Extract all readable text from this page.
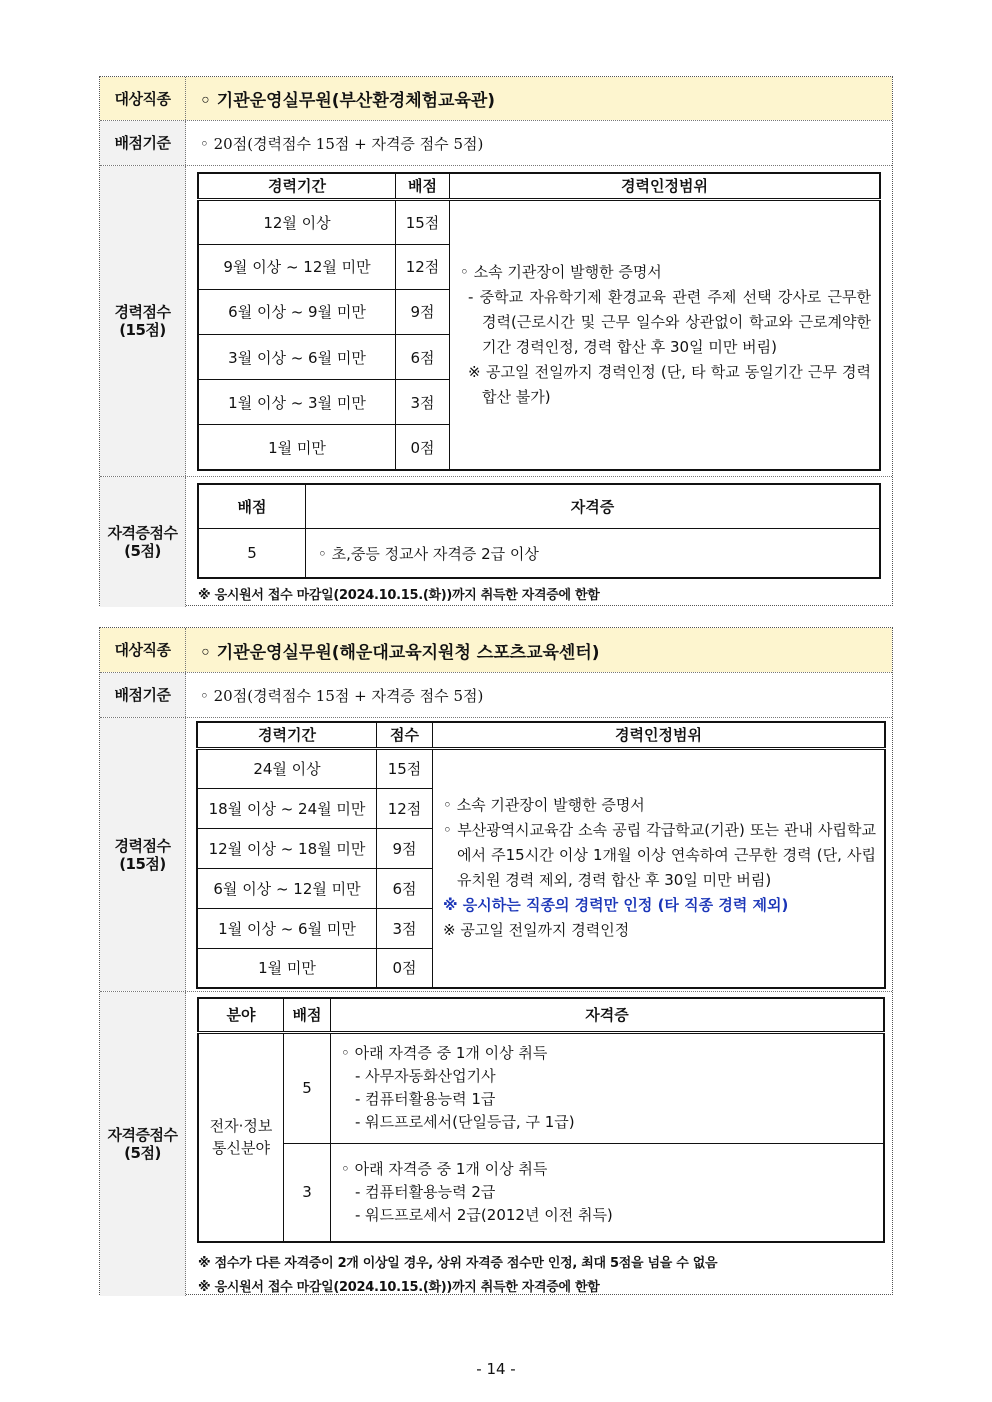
대상직종	◦ 기관운영실무원(부산환경체험교육관)
배점기준	◦ 20점(경력점수 15점 + 자격증 점수 5점)
경력점수
(15점)
경력기간	배점	경력인정범위
12월 이상	15점	◦ 소속 기관장이 발행한 증명서
- 중학교 자유학기제 환경교육 관련 주제 선택 강사로 근무한 경력(근로시간 및 근무 일수와 상관없이 학교와 근로계약한 기간 경력인정, 경력 합산 후 30일 미만 버림)
※ 공고일 전일까지 경력인정 (단, 타 학교 동일기간 근무 경력 합산 불가)

9월 이상 ~ 12월 미만	12점	
6월 이상 ~ 9월 미만	9점	
3월 이상 ~ 6월 미만	6점	
1월 이상 ~ 3월 미만	3점	
1월 미만	0점	
자격증점수
(5점)
배점	자격증
5	◦ 초,중등 정교사 자격증 2급 이상
※ 응시원서 접수 마감일(2024.10.15.(화))까지 취득한 자격증에 한함
대상직종	◦ 기관운영실무원(해운대교육지원청 스포츠교육센터)
배점기준	◦ 20점(경력점수 15점 + 자격증 점수 5점)
경력점수
(15점)
경력기간	점수	경력인정범위
24월 이상	15점	◦ 소속 기관장이 발행한 증명서
◦ 부산광역시교육감 소속 공립 각급학교(기관) 또는 관내 사립학교에서 주15시간 이상 1개월 이상 연속하여 근무한 경력 (단, 사립 유치원 경력 제외, 경력 합산 후 30일 미만 버림)
※ 응시하는 직종의 경력만 인정 (타 직종 경력 제외)
※ 공고일 전일까지 경력인정

18월 이상 ~ 24월 미만	12점	
12월 이상 ~ 18월 미만	9점	
6월 이상 ~ 12월 미만	6점	
1월 이상 ~ 6월 미만	3점	
1월 미만	0점	
자격증점수
(5점)
분야	배점	자격증
전자·정보 통신분야	5	◦ 아래 자격증 중 1개 이상 취득
- 사무자동화산업기사
- 컴퓨터활용능력 1급
- 워드프로세서(단일등급, 구 1급)

	3	◦ 아래 자격증 중 1개 이상 취득
- 컴퓨터활용능력 2급
- 워드프로세서 2급(2012년 이전 취득)
※ 점수가 다른 자격증이 2개 이상일 경우, 상위 자격증 점수만 인정, 최대 5점을 넘을 수 없음
※ 응시원서 접수 마감일(2024.10.15.(화))까지 취득한 자격증에 한함
- 14 -
